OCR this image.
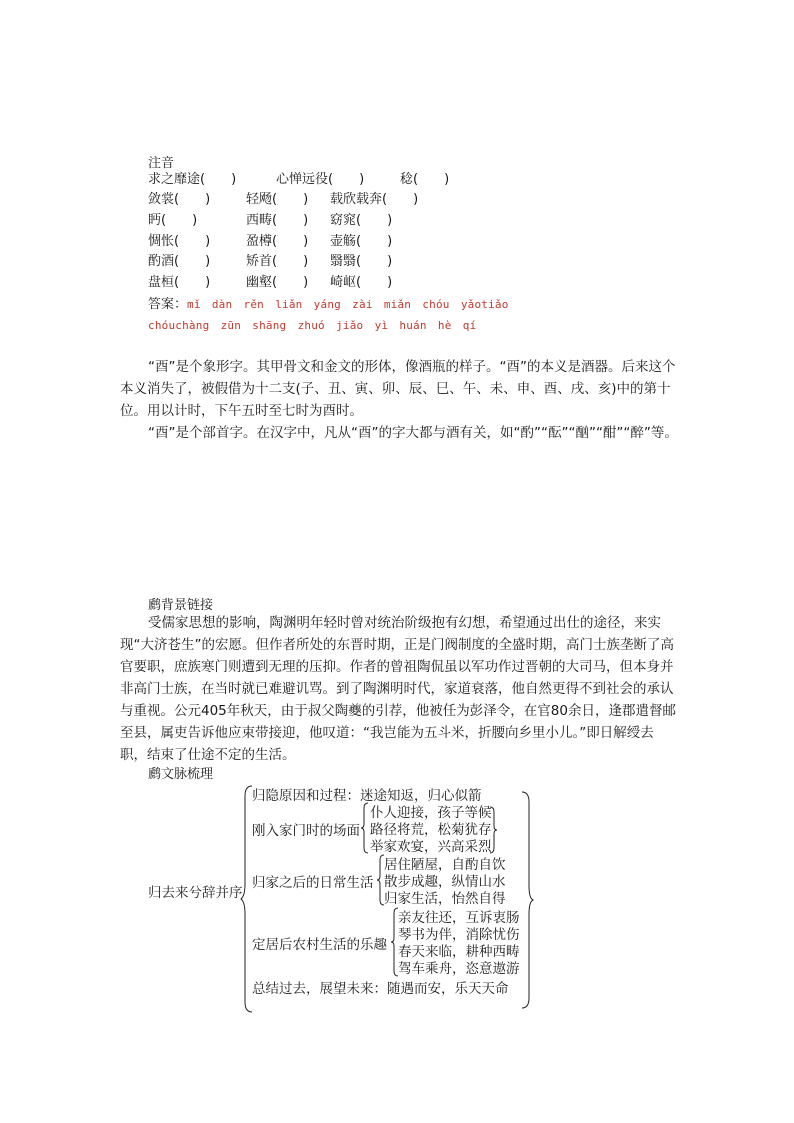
注音
求之靡途(　　)	心惮远役(　　)	稔(　　)
敛裳(　　)	轻飏(　　) 载欣载奔(　　)
眄(　　)	西畴(　　) 窈窕(　　)
惆怅(　　)	盈樽(　　) 壶觞(　　)
酌酒(　　)	矫首(　　) 翳翳(　　)
盘桓(　　)	幽壑(　　) 崎岖(　　)
答案：mǐ　dàn　rěn　liǎn　yáng　zài　miǎn　chóu　yǎotiǎo
chóuchàng　zūn　shāng　zhuó　jiǎo　yì　huán　hè　qí

“酉”是个象形字。其甲骨文和金文的形体，像酒瓶的样子。“酉”的本义是酒器。后来这个本义消失了，被假借为十二支(子、丑、寅、卯、辰、巳、午、未、申、酉、戌、亥)中的第十位。用以计时，下午五时至七时为酉时。

“酉”是个部首字。在汉字中，凡从“酉”的字大都与酒有关，如“酌”“酝”“酗”“酣”“醉”等。

䴘背景链接

受儒家思想的影响，陶渊明年轻时曾对统治阶级抱有幻想，希望通过出仕的途径，来实现“大济苍生”的宏愿。但作者所处的东晋时期，正是门阀制度的全盛时期，高门士族垄断了高官要职，庶族寒门则遭到无理的压抑。作者的曾祖陶侃虽以军功作过晋朝的大司马，但本身并非高门士族，在当时就已难避讥骂。到了陶渊明时代，家道衰落，他自然更得不到社会的承认与重视。公元405年秋天，由于叔父陶夔的引荐，他被任为彭泽令，在官80余日，逢郡遣督邮至县，属吏告诉他应束带接迎，他叹道：“我岂能为五斗米，折腰向乡里小儿。”即日解绶去职，结束了仕途不定的生活。

䴘文脉梳理
归去来兮辞并序
归隐原因和过程：迷途知返，归心似箭
刚入家门时的场面
仆人迎接，孩子等候
路径将荒，松菊犹存
举家欢宴，兴高采烈
归家之后的日常生活
居住陋屋，自酌自饮
散步成趣，纵情山水
归家生活，怡然自得
定居后农村生活的乐趣
亲友往还，互诉衷肠
琴书为伴，消除忧伤
春天来临，耕种西畴
驾车乘舟，恣意遨游
总结过去，展望未来：随遇而安，乐天天命
